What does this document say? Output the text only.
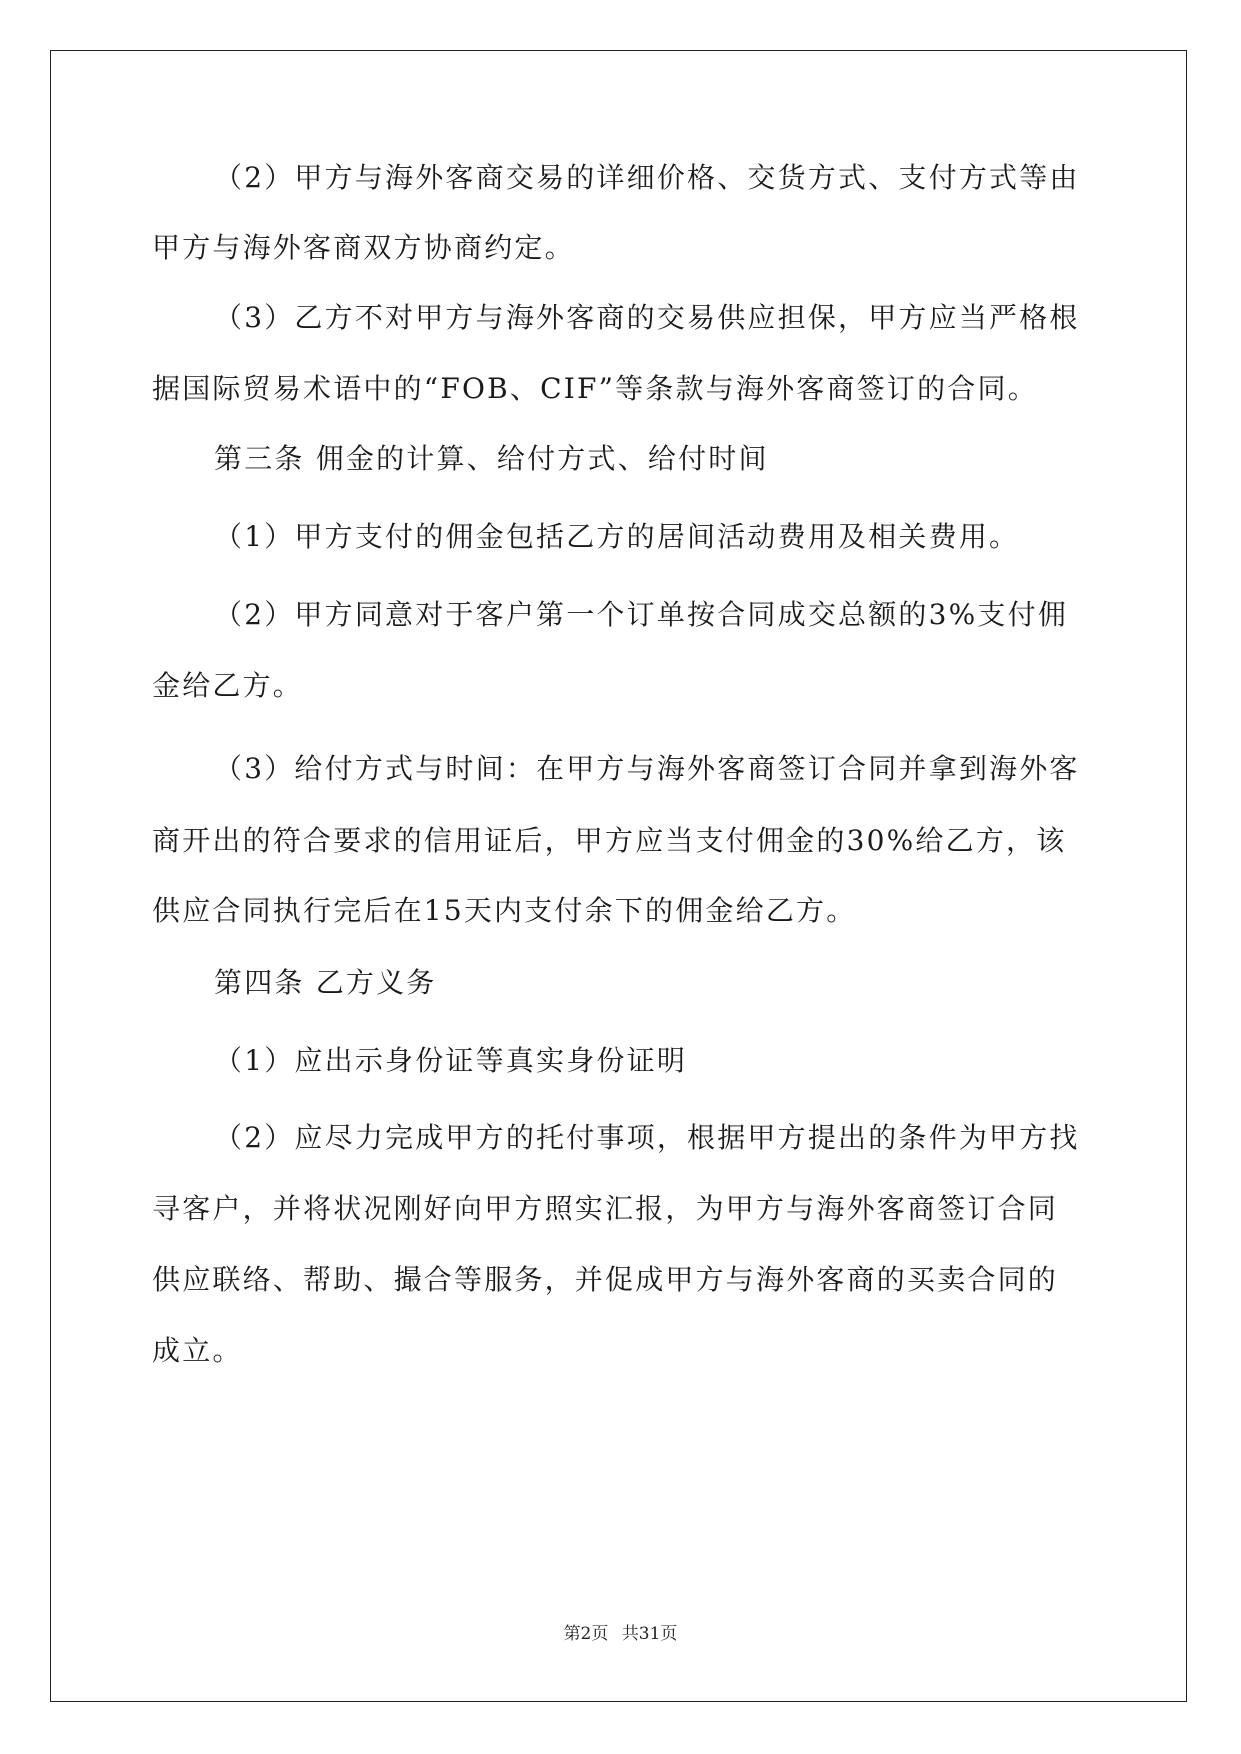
（2）甲方与海外客商交易的详细价格、交货方式、支付方式等由
甲方与海外客商双方协商约定。
（3）乙方不对甲方与海外客商的交易供应担保，甲方应当严格根
据国际贸易术语中的“FOB、CIF”等条款与海外客商签订的合同。
第三条 佣金的计算、给付方式、给付时间
（1）甲方支付的佣金包括乙方的居间活动费用及相关费用。
（2）甲方同意对于客户第一个订单按合同成交总额的3%支付佣
金给乙方。
（3）给付方式与时间：在甲方与海外客商签订合同并拿到海外客
商开出的符合要求的信用证后，甲方应当支付佣金的30%给乙方，该
供应合同执行完后在15天内支付余下的佣金给乙方。
第四条 乙方义务
（1）应出示身份证等真实身份证明
（2）应尽力完成甲方的托付事项，根据甲方提出的条件为甲方找
寻客户，并将状况刚好向甲方照实汇报，为甲方与海外客商签订合同
供应联络、帮助、撮合等服务，并促成甲方与海外客商的买卖合同的
成立。
第2页 共31页
